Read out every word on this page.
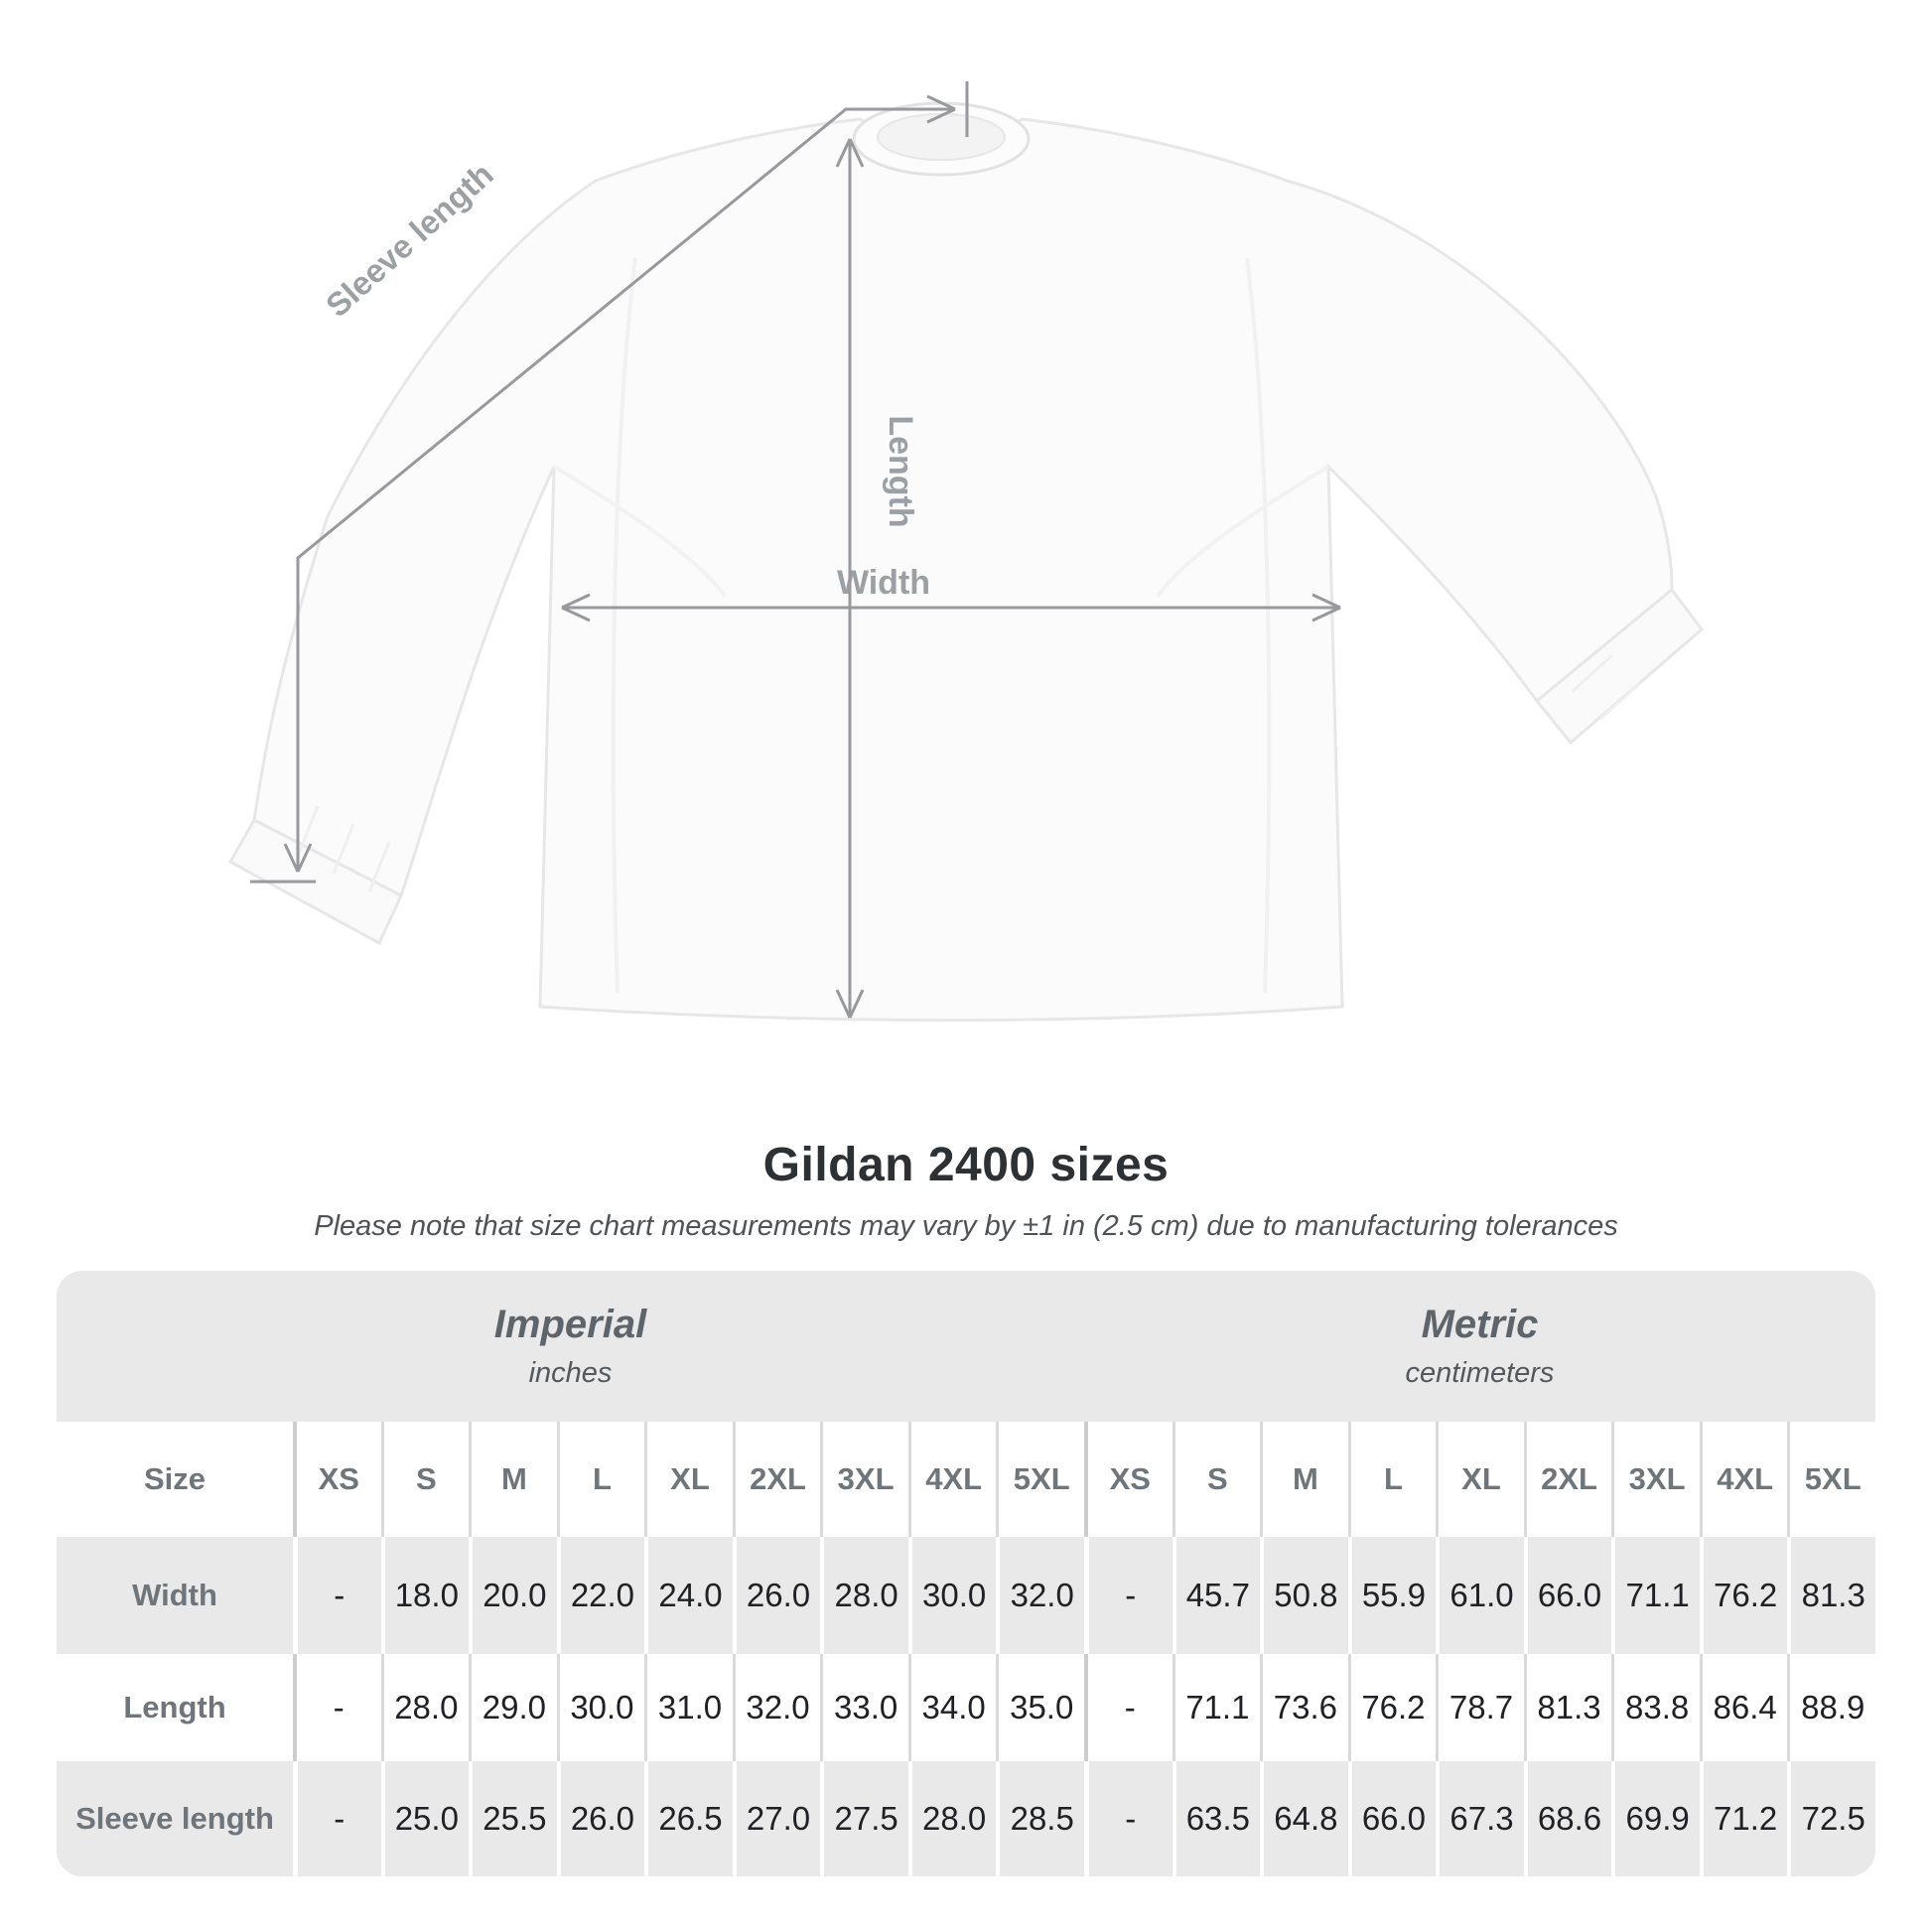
Width
Length
Sleeve length
Gildan 2400 sizes

Please note that size chart measurements may vary by ±1 in (2.5 cm) due to manufacturing tolerances

Imperial
inches
Metric
centimeters
Size	XS	S	M	L	XL	2XL	3XL	4XL	5XL	XS	S	M	L	XL	2XL	3XL	4XL	5XL
Width	-	18.0 20.0 22.0 24.0 26.0 28.0 30.0 32.0	-	45.7 50.8 55.9 61.0 66.0 71.1 76.2 81.3
Length	-	28.0 29.0 30.0 31.0 32.0 33.0 34.0 35.0	-	71.1 73.6 76.2 78.7 81.3 83.8 86.4 88.9
Sleeve length	-	25.0 25.5 26.0 26.5 27.0 27.5 28.0 28.5	-	63.5 64.8 66.0 67.3 68.6 69.9 71.2 72.5
